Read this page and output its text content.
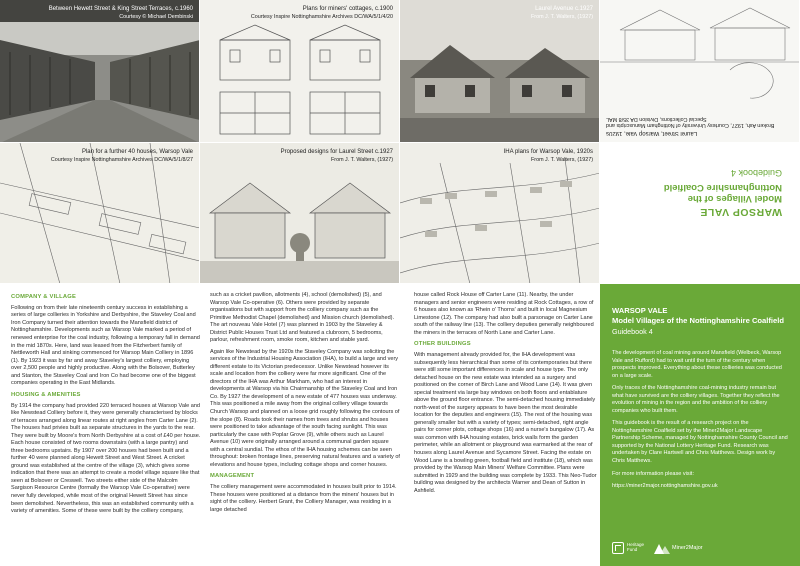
Between Hewett Street & King Street Terraces, c.1960
Courtesy © Michael Dembinski
Plans for miners' cottages, c.1900
Courtesy Inspire Nottinghamshire Archives DC/WA/5/1/4/20
Laurel Avenue c.1927
From J. T. Walters, (1927)
Laurel Street, Warsop Vale, 1920s
Broken Ash, 1927, Courtesy University of Nottingham Manuscripts and Special Collections, Division DA 35/8 MAL
Plan for a further 40 houses, Warsop Vale
Courtesy Inspire Nottinghamshire Archives DC/WA/5/1/8/27
Proposed designs for Laurel Street c.1927
From J. T. Walters, (1927)
IHA plans for Warsop Vale, 1920s
From J. T. Walters, (1927)
WARSOP VALE
Model Villages of the Nottinghamshire Coalfield
Guidebook 4
COMPANY & VILLAGE

Following on from their late nineteenth century success in establishing a series of large collieries in Yorkshire and Derbyshire, the Staveley Coal and Iron Company turned their attention towards the Mansfield district of Nottinghamshire. Developments such as Warsop Vale marked a period of renewed enterprise for the coal industry, following a temporary fall in demand in the mid 1870s. Here, land was leased from the Fitzherbert family of Nettleworth Hall and sinking commenced for Warsop Main Colliery in 1896 (1). By 1923 it was by far and away Staveley's largest colliery, employing over 2,500 people and highly productive. Along with the Bolsover, Butterley and Stanton, the Staveley Coal and Iron Co had become one of the biggest companies operating in the East Midlands.

HOUSING & AMENITIES

By 1914 the company had provided 220 terraced houses at Warsop Vale and like Newstead Colliery before it, they were generally characterised by blocks of terraces arranged along linear routes at right angles from Carter Lane (2). The houses had privies built as separate structures in the yards to the rear. They were built by Moore's from North Derbyshire at a cost of £40 per house. Each house consisted of two rooms downstairs (with a large pantry) and three bedrooms upstairs. By 1907 over 200 houses had been built and a further 40 were planned along Hewett Street and West Street. A cricket ground was established at the centre of the village (3), which gives some indication that there was an attempt to create a model village square like that seen at Bolsover or Creswell. Two streets either side of the Malcolm Sargison Resource Centre (formally the Warsop Vale Co-operative) were never fully developed, while most of the original Hewett Street has since been demolished. Nevertheless, this was an established community with a variety of amenities. Some of these were built by the colliery company,

such as a cricket pavilion, allotments (4), school (demolished) (5), and Warsop Vale Co-operative (6). Others were provided by separate organisations but with support from the colliery company such as the Primitive Methodist Chapel (demolished) and Mission church (demolished). The art nouveau Vale Hotel (7) was planned in 1903 by the Staveley & District Public Houses Trust Ltd and featured a clubroom, 5 bedrooms, parlour, refreshment room, smoke room, kitchen and stable yard.

Again like Newstead by the 1920s the Staveley Company was soliciting the services of the Industrial Housing Association (IHA), to build a large and very different estate to its Victorian predecessor. Unlike Newstead however its scale and location from the colliery were far more significant. One of the directors of the IHA was Arthur Markham, who had an interest in developments at Warsop via his Chairmanship of the Staveley Coal and Iron Co. By 1927 the development of a new estate of 477 houses was underway. This was positioned a mile away from the original colliery village towards Church Warsop and planned on a loose grid roughly following the contours of the slope (8). Roads took their names from trees and shrubs and houses were positioned to take advantage of the south facing sunlight. This was particularly the case with Poplar Grove (9), while others such as Laurel Avenue (10) were originally arranged around a communal garden square with a central sundial. The ethos of the IHA housing schemes can be seen throughout: broken frontage lines, preserving natural features and a variety of elevations and house types, including cottage shops and corner houses.

MANAGEMENT

The colliery management were accommodated in houses built prior to 1914. These houses were positioned at a distance from the miners' houses but in sight of the colliery. Herbert Grant, the Colliery Manager, was residing in a large detached

house called Rock House off Carter Lane (11). Nearby, the under managers and senior engineers were residing at Rock Cottages, a row of 6 houses also known as 'Rhein o' Thorns' and built in local Magnesium Limestone (12). The company had also built a parsonage on Carter Lane south of the railway line (13). The colliery deputies generally neighboured the miners in the terraces of North Lane and Carter Lane.

OTHER BUILDINGS

With management already provided for, the IHA development was subsequently less hierarchical than some of its contemporaries but there were still some important differences in scale and house type. The only detached house on the new estate was intended as a surgery and positioned on the corner of Birch Lane and Wood Lane (14). It was given special treatment via large bay windows on both floors and entablature above the ground floor entrance. The semi-detached housing immediately north-west of the surgery appears to have been the most desirable location for the deputies and engineers (15). The rest of the housing was generally smaller but with a variety of types; semi-detached, right angle pairs for corner plots, cottage shops (16) and a nurse's bungalow (17). As was common with IHA housing estates, brick walls form the garden perimeter, while an allotment or playground was earmarked at the rear of houses along Laurel Avenue and Sycamore Street. Facing the estate on Wood Lane is a bowling green, football field and institute (18), which was provided by the Warsop Main Miners' Welfare Committee. Plans were submitted in 1929 and the building was complete by 1933. This Neo-Tudor building was designed by the architects Warner and Dean of Sutton in Ashfield.

WARSOP VALE
Model Villages of the Nottinghamshire Coalfield
Guidebook 4

The development of coal mining around Mansfield (Welbeck, Warsop Vale and Rufford) had to wait until the turn of the century when prospects improved. Everything about these collieries was conducted on a large scale.

Only traces of the Nottinghamshire coal-mining industry remain but what have survived are the colliery villages. Together they reflect the evolution of mining in the region and the ambition of the colliery companies who built them.

This guidebook is the result of a research project on the Nottinghamshire Coalfield set by the Miner2Major Landscape Partnership Scheme, managed by Nottinghamshire County Council and supported by the National Lottery Heritage Fund. Research was undertaken by Clare Hartwell and Chris Matthews. Design work by Chris Matthews.

For more information please visit:

https://miner2major.nottinghamshire.gov.uk

Heritage
Fund	Miner2Major
